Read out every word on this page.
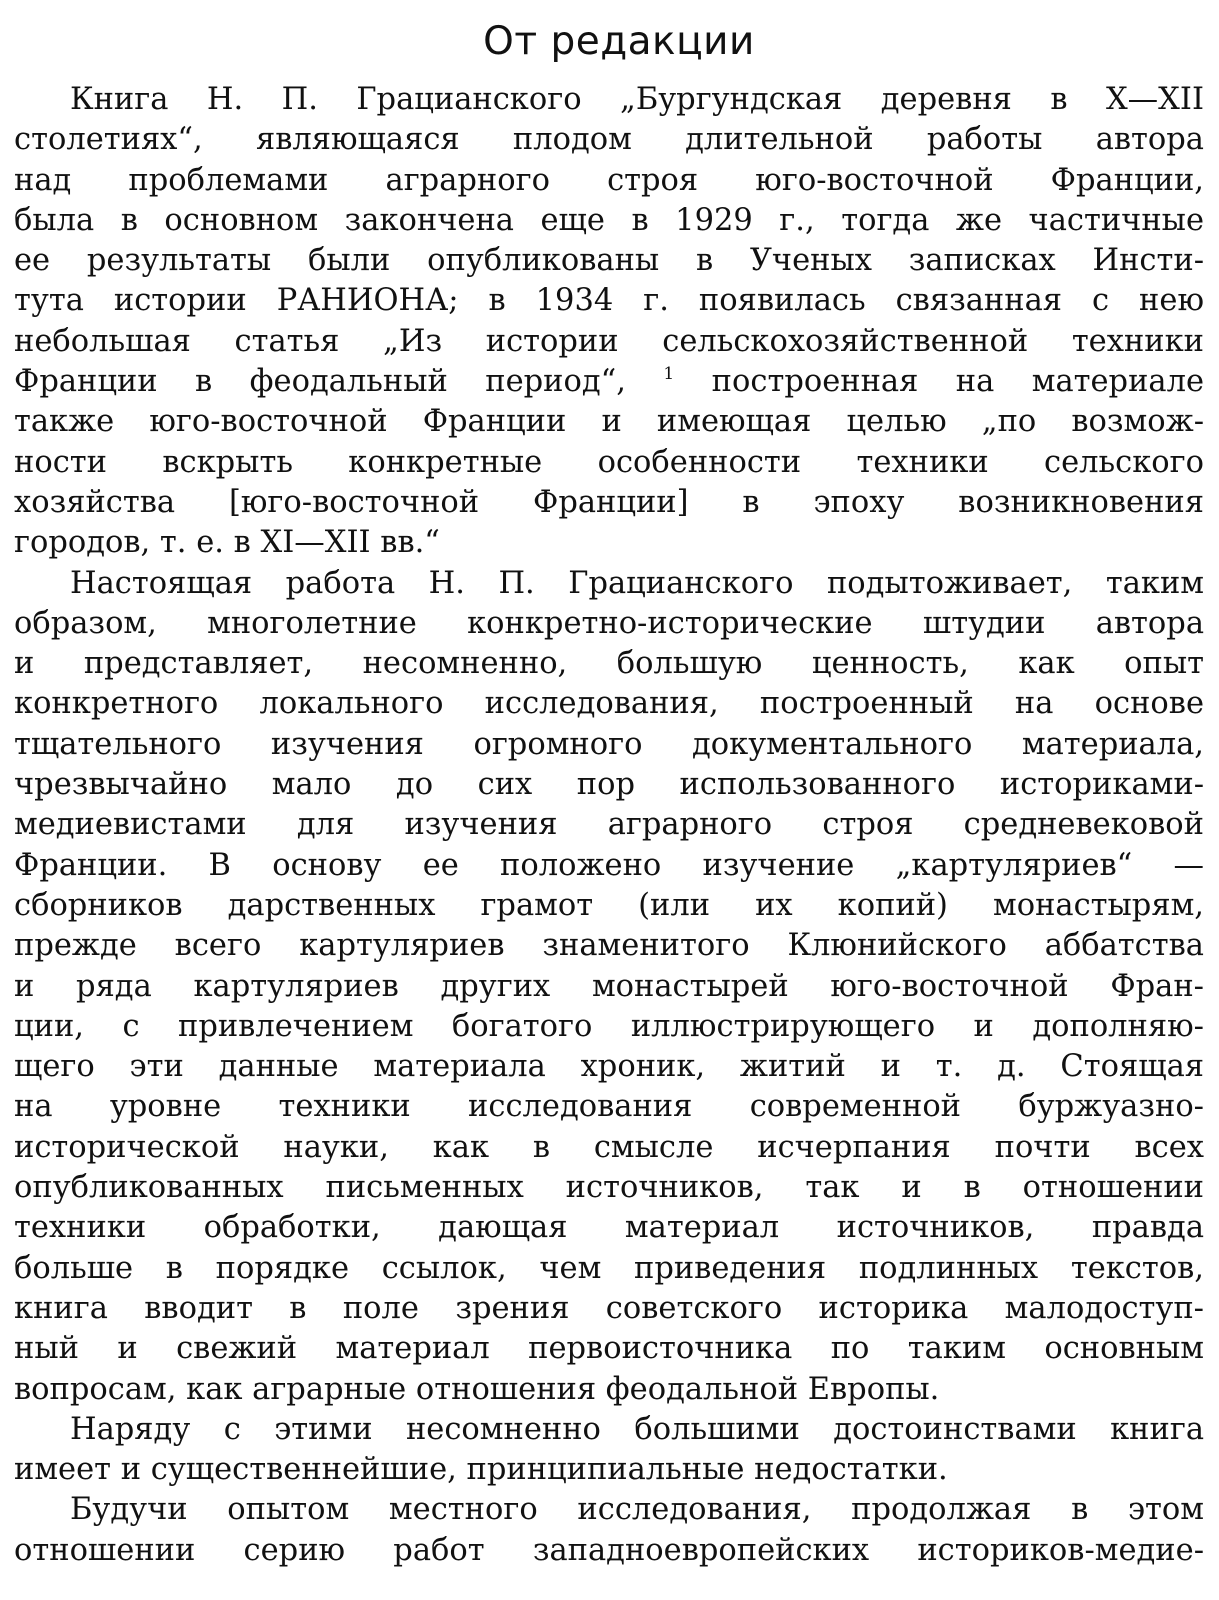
От редакции
Книга Н. П. Грацианского „Бургундская деревня в X—XII
столетиях“, являющаяся плодом длительной работы автора
над проблемами аграрного строя юго-восточной Франции,
была в основном закончена еще в 1929 г., тогда же частичные
ее результаты были опубликованы в Ученых записках Инсти-
тута истории РАНИОНА; в 1934 г. появилась связанная с нею
небольшая статья „Из истории сельскохозяйственной техники
Франции в феодальный период“, $^1$ построенная на материале
также юго-восточной Франции и имеющая целью „по возмож-
ности вскрыть конкретные особенности техники сельского
хозяйства [юго-восточной Франции] в эпоху возникновения
городов, т. е. в XI—XII вв.“
Настоящая работа Н. П. Грацианского подытоживает, таким
образом, многолетние конкретно-исторические штудии автора
и представляет, несомненно, большую ценность, как опыт
конкретного локального исследования, построенный на основе
тщательного изучения огромного документального материала,
чрезвычайно мало до сих пор использованного историками-
медиевистами для изучения аграрного строя средневековой
Франции. В основу ее положено изучение „картуляриев“ —
сборников дарственных грамот (или их копий) монастырям,
прежде всего картуляриев знаменитого Клюнийского аббатства
и ряда картуляриев других монастырей юго-восточной Фран-
ции, с привлечением богатого иллюстрирующего и дополняю-
щего эти данные материала хроник, житий и т. д. Стоящая
на уровне техники исследования современной буржуазно-
исторической науки, как в смысле исчерпания почти всех
опубликованных письменных источников, так и в отношении
техники обработки, дающая материал источников, правда
больше в порядке ссылок, чем приведения подлинных текстов,
книга вводит в поле зрения советского историка малодоступ-
ный и свежий материал первоисточника по таким основным
вопросам, как аграрные отношения феодальной Европы.
Наряду с этими несомненно большими достоинствами книга
имеет и существеннейшие, принципиальные недостатки.
Будучи опытом местного исследования, продолжая в этом
отношении серию работ западноевропейских историков-медие-
